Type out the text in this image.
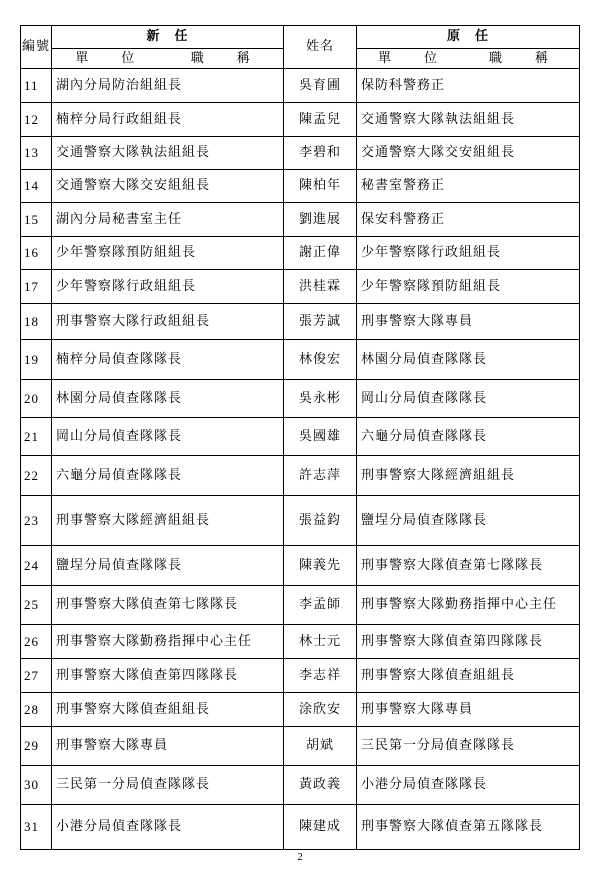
編號	新　任	姓名	原　任

	單　位 職　稱		單　位 職　稱

11	湖內分局防治組組長	吳育圃	保防科警務正
12	楠梓分局行政組組長	陳孟兒	交通警察大隊執法組組長
13	交通警察大隊執法組組長	李碧和	交通警察大隊交安組組長
14	交通警察大隊交安組組長	陳柏年	秘書室警務正
15	湖內分局秘書室主任	劉進展	保安科警務正
16	少年警察隊預防組組長	謝正偉	少年警察隊行政組組長
17	少年警察隊行政組組長	洪桂霖	少年警察隊預防組組長
18	刑事警察大隊行政組組長	張芳誠	刑事警察大隊專員
19	楠梓分局偵查隊隊長	林俊宏	林園分局偵查隊隊長
20	林園分局偵查隊隊長	吳永彬	岡山分局偵查隊隊長
21	岡山分局偵查隊隊長	吳國雄	六龜分局偵查隊隊長
22	六龜分局偵查隊隊長	許志萍	刑事警察大隊經濟組組長
23	刑事警察大隊經濟組組長	張益鈞	鹽埕分局偵查隊隊長
24	鹽埕分局偵查隊隊長	陳義先	刑事警察大隊偵查第七隊隊長
25	刑事警察大隊偵查第七隊隊長	李孟師	刑事警察大隊勤務指揮中心主任
26	刑事警察大隊勤務指揮中心主任	林士元	刑事警察大隊偵查第四隊隊長
27	刑事警察大隊偵查第四隊隊長	李志祥	刑事警察大隊偵查組組長
28	刑事警察大隊偵查組組長	涂欣安	刑事警察大隊專員
29	刑事警察大隊專員	胡斌	三民第一分局偵查隊隊長
30	三民第一分局偵查隊隊長	黃政義	小港分局偵查隊隊長
31	小港分局偵查隊隊長	陳建成	刑事警察大隊偵查第五隊隊長
2
